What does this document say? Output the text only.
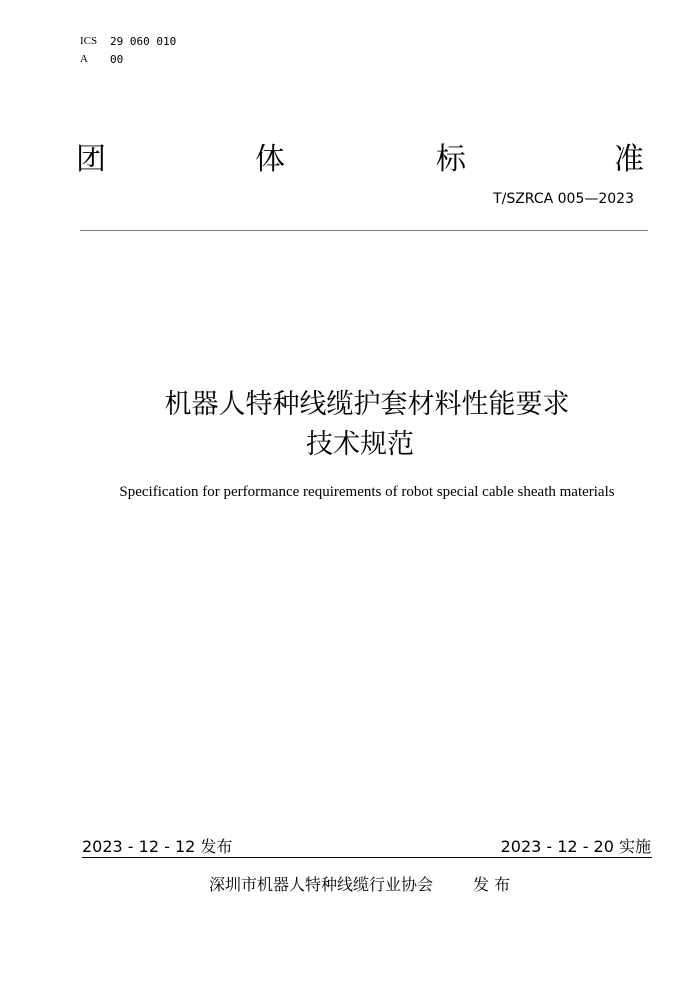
ICS 29 060 010
A 00
团	体	标	准
T/SZRCA 005—2023
机器人特种线缆护套材料性能要求
技术规范
Specification for performance requirements of robot special cable sheath materials
2023 - 12 - 12 发布	2023 - 12 - 20 实施
深圳市机器人特种线缆行业协会 发 布
